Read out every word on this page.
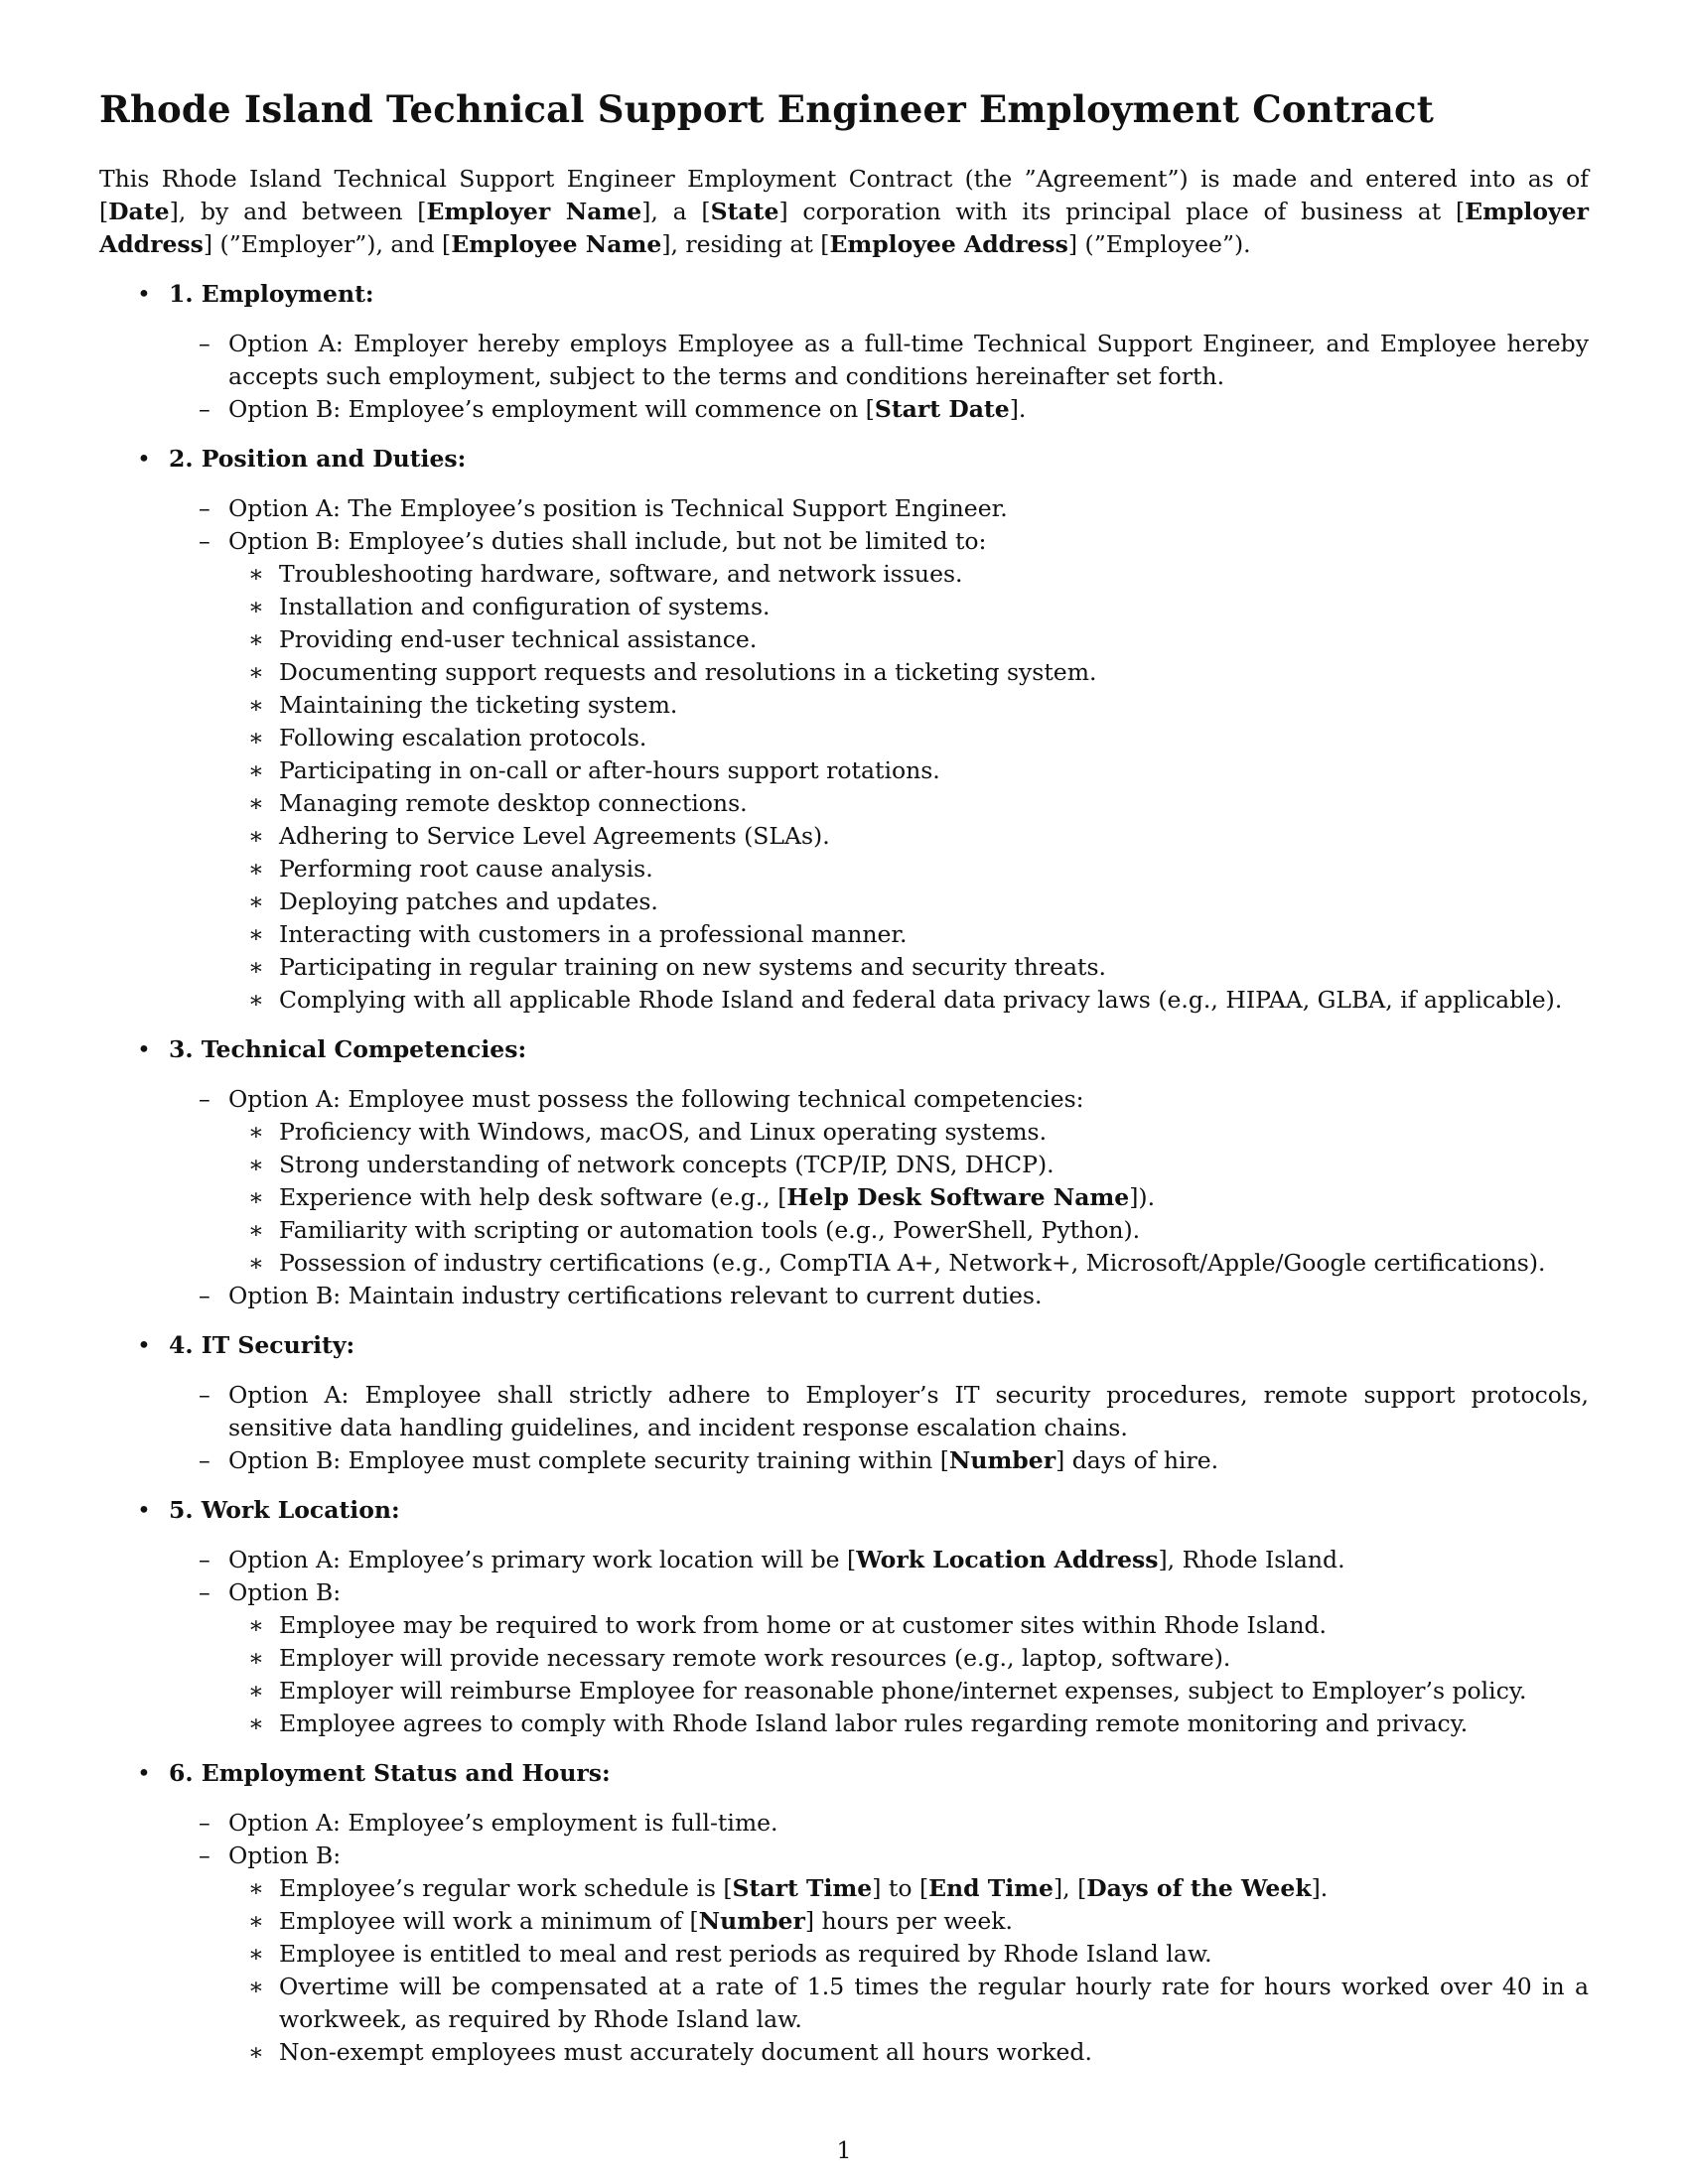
Rhode Island Technical Support Engineer Employment Contract

This Rhode Island Technical Support Engineer Employment Contract (the ”Agreement”) is made and entered into as of [Date], by and between [Employer Name], a [State] corporation with its principal place of business at [Employer Address] (”Employer”), and [Employee Name], residing at [Employee Address] (”Employee”).

• 1. Employment:
– Option A: Employer hereby employs Employee as a full-time Technical Support Engineer, and Employee hereby accepts such employment, subject to the terms and conditions hereinafter set forth.
– Option B: Employee’s employment will commence on [Start Date].
• 2. Position and Duties:
– Option A: The Employee’s position is Technical Support Engineer.
– Option B: Employee’s duties shall include, but not be limited to:
∗ Troubleshooting hardware, software, and network issues.
∗ Installation and configuration of systems.
∗ Providing end-user technical assistance.
∗ Documenting support requests and resolutions in a ticketing system.
∗ Maintaining the ticketing system.
∗ Following escalation protocols.
∗ Participating in on-call or after-hours support rotations.
∗ Managing remote desktop connections.
∗ Adhering to Service Level Agreements (SLAs).
∗ Performing root cause analysis.
∗ Deploying patches and updates.
∗ Interacting with customers in a professional manner.
∗ Participating in regular training on new systems and security threats.
∗ Complying with all applicable Rhode Island and federal data privacy laws (e.g., HIPAA, GLBA, if applicable).
• 3. Technical Competencies:
– Option A: Employee must possess the following technical competencies:
∗ Proficiency with Windows, macOS, and Linux operating systems.
∗ Strong understanding of network concepts (TCP/IP, DNS, DHCP).
∗ Experience with help desk software (e.g., [Help Desk Software Name]).
∗ Familiarity with scripting or automation tools (e.g., PowerShell, Python).
∗ Possession of industry certifications (e.g., CompTIA A+, Network+, Microsoft/Apple/Google certifications).
– Option B: Maintain industry certifications relevant to current duties.
• 4. IT Security:
– Option A: Employee shall strictly adhere to Employer’s IT security procedures, remote support protocols, sensitive data handling guidelines, and incident response escalation chains.
– Option B: Employee must complete security training within [Number] days of hire.
• 5. Work Location:
– Option A: Employee’s primary work location will be [Work Location Address], Rhode Island.
– Option B:
∗ Employee may be required to work from home or at customer sites within Rhode Island.
∗ Employer will provide necessary remote work resources (e.g., laptop, software).
∗ Employer will reimburse Employee for reasonable phone/internet expenses, subject to Employer’s policy.
∗ Employee agrees to comply with Rhode Island labor rules regarding remote monitoring and privacy.
• 6. Employment Status and Hours:
– Option A: Employee’s employment is full-time.
– Option B:
∗ Employee’s regular work schedule is [Start Time] to [End Time], [Days of the Week].
∗ Employee will work a minimum of [Number] hours per week.
∗ Employee is entitled to meal and rest periods as required by Rhode Island law.
∗ Overtime will be compensated at a rate of 1.5 times the regular hourly rate for hours worked over 40 in a workweek, as required by Rhode Island law.
∗ Non-exempt employees must accurately document all hours worked.
1
